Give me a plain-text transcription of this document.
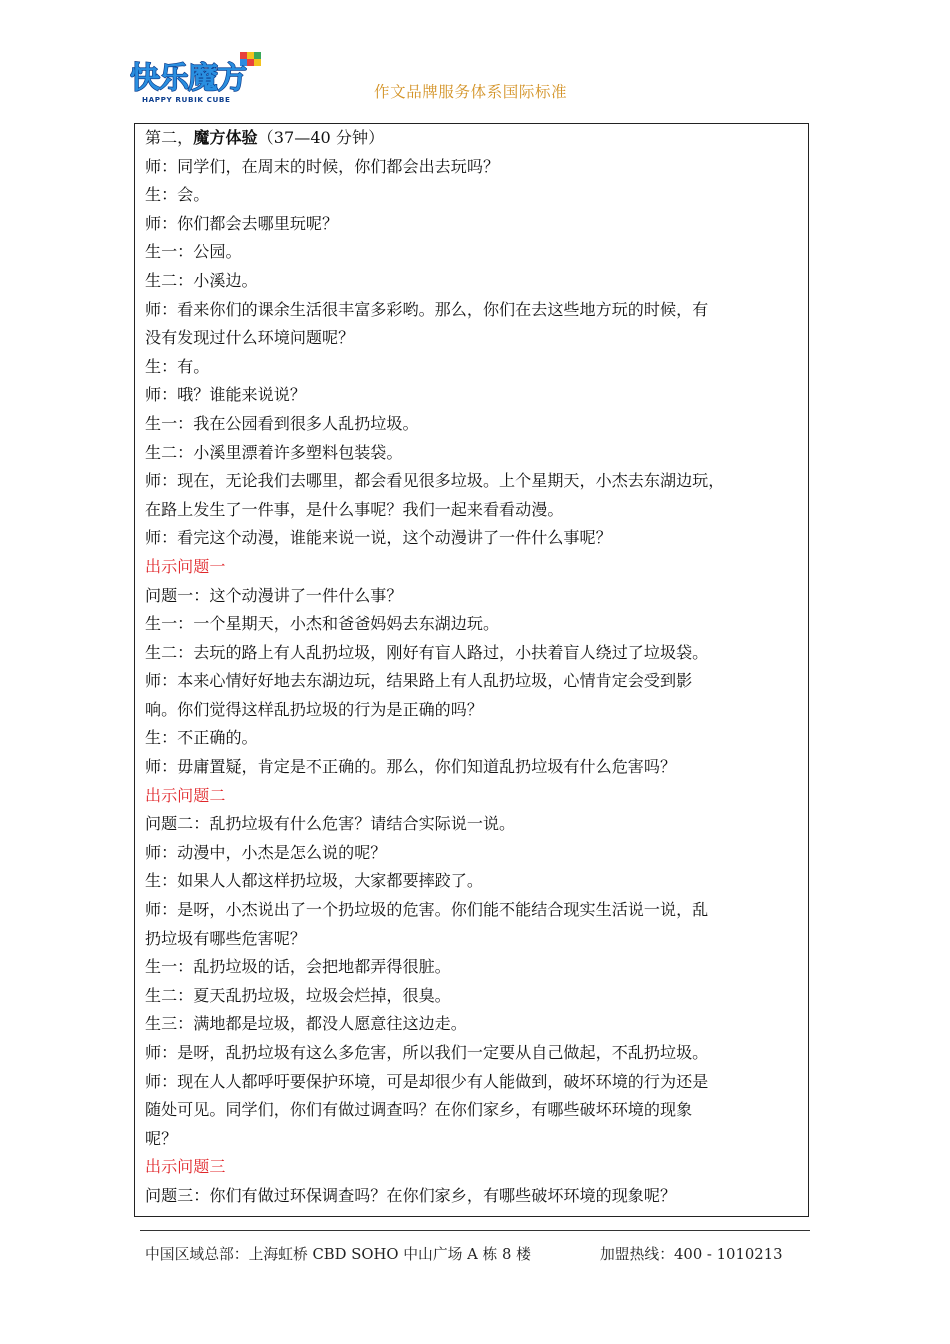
快乐魔方
HAPPY RUBIK CUBE	作文品牌服务体系国际标准
第二，魔方体验（37—40 分钟）
师：同学们，在周末的时候，你们都会出去玩吗？
生：会。
师：你们都会去哪里玩呢？
生一：公园。
生二：小溪边。
师：看来你们的课余生活很丰富多彩哟。那么，你们在去这些地方玩的时候，有
没有发现过什么环境问题呢？
生：有。
师：哦？谁能来说说？
生一：我在公园看到很多人乱扔垃圾。
生二：小溪里漂着许多塑料包装袋。
师：现在，无论我们去哪里，都会看见很多垃圾。上个星期天，小杰去东湖边玩，
在路上发生了一件事，是什么事呢？我们一起来看看动漫。
师：看完这个动漫，谁能来说一说，这个动漫讲了一件什么事呢？
出示问题一
问题一：这个动漫讲了一件什么事？
生一：一个星期天，小杰和爸爸妈妈去东湖边玩。
生二：去玩的路上有人乱扔垃圾，刚好有盲人路过，小扶着盲人绕过了垃圾袋。
师：本来心情好好地去东湖边玩，结果路上有人乱扔垃圾，心情肯定会受到影
响。你们觉得这样乱扔垃圾的行为是正确的吗？
生：不正确的。
师：毋庸置疑，肯定是不正确的。那么，你们知道乱扔垃圾有什么危害吗？
出示问题二
问题二：乱扔垃圾有什么危害？请结合实际说一说。
师：动漫中，小杰是怎么说的呢？
生：如果人人都这样扔垃圾，大家都要摔跤了。
师：是呀，小杰说出了一个扔垃圾的危害。你们能不能结合现实生活说一说，乱
扔垃圾有哪些危害呢？
生一：乱扔垃圾的话，会把地都弄得很脏。
生二：夏天乱扔垃圾，垃圾会烂掉，很臭。
生三：满地都是垃圾，都没人愿意往这边走。
师：是呀，乱扔垃圾有这么多危害，所以我们一定要从自己做起，不乱扔垃圾。
师：现在人人都呼吁要保护环境，可是却很少有人能做到，破坏环境的行为还是
随处可见。同学们，你们有做过调查吗？在你们家乡，有哪些破坏环境的现象
呢？
出示问题三
问题三：你们有做过环保调查吗？在你们家乡，有哪些破坏环境的现象呢？
中国区域总部：上海虹桥 CBD SOHO 中山广场 A 栋 8 楼	加盟热线：400 - 1010213
